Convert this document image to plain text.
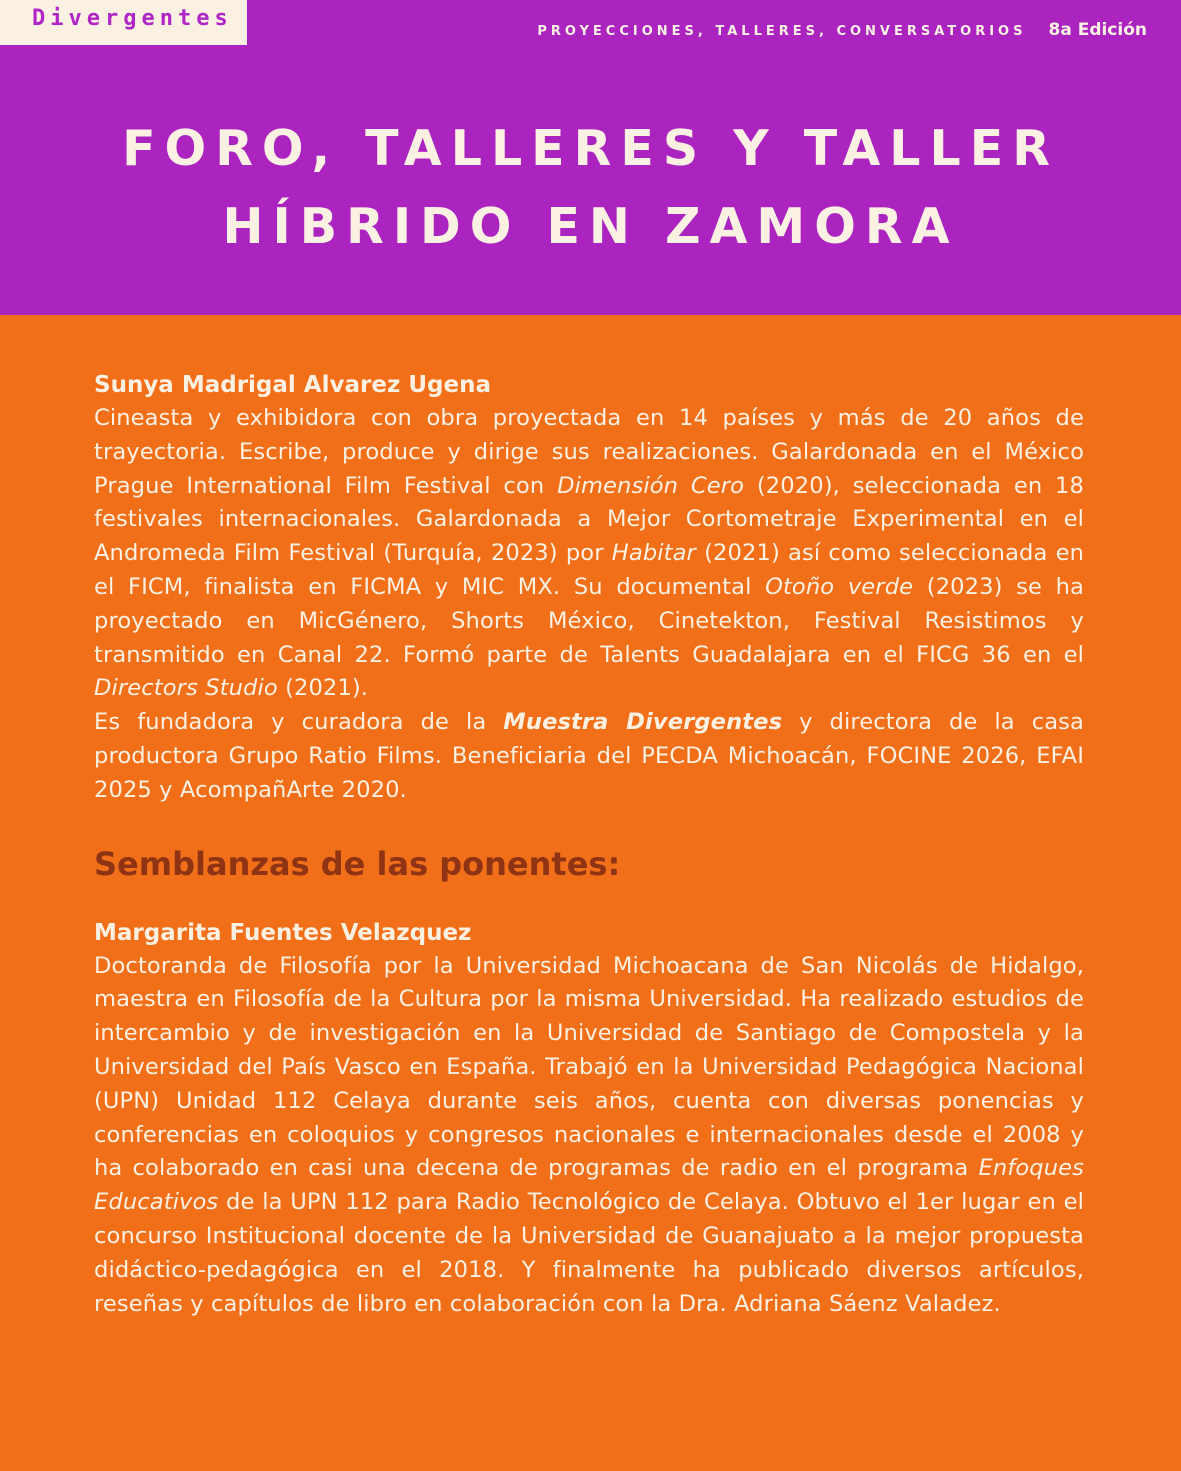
Divergentes
PROYECCIONES, TALLERES, CONVERSATORIOS 8a Edición
FORO, TALLERES Y TALLER
HÍBRIDO EN ZAMORA

Sunya Madrigal Alvarez Ugena

Cineasta y exhibidora con obra proyectada en 14 países y más de 20 años de trayectoria. Escribe, produce y dirige sus realizaciones. Galardonada en el México Prague International Film Festival con Dimensión Cero (2020), seleccionada en 18 festivales internacionales. Galardonada a Mejor Cortometraje Experimental en el Andromeda Film Festival (Turquía, 2023) por Habitar (2021) así como seleccionada en el FICM, finalista en FICMA y MIC MX. Su documental Otoño verde (2023) se ha proyectado en MicGénero, Shorts México, Cinetekton, Festival Resistimos y transmitido en Canal 22. Formó parte de Talents Guadalajara en el FICG 36 en el Directors Studio (2021).

Es fundadora y curadora de la Muestra Divergentes y directora de la casa productora Grupo Ratio Films. Beneficiaria del PECDA Michoacán, FOCINE 2026, EFAI 2025 y AcompañArte 2020.

Semblanzas de las ponentes:

Margarita Fuentes Velazquez

Doctoranda de Filosofía por la Universidad Michoacana de San Nicolás de Hidalgo, maestra en Filosofía de la Cultura por la misma Universidad. Ha realizado estudios de intercambio y de investigación en la Universidad de Santiago de Compostela y la Universidad del País Vasco en España. Trabajó en la Universidad Pedagógica Nacional (UPN) Unidad 112 Celaya durante seis años, cuenta con diversas ponencias y conferencias en coloquios y congresos nacionales e internacionales desde el 2008 y ha colaborado en casi una decena de programas de radio en el programa Enfoques Educativos de la UPN 112 para Radio Tecnológico de Celaya. Obtuvo el 1er lugar en el concurso Institucional docente de la Universidad de Guanajuato a la mejor propuesta didáctico-pedagógica en el 2018. Y finalmente ha publicado diversos artículos, reseñas y capítulos de libro en colaboración con la Dra. Adriana Sáenz Valadez.
